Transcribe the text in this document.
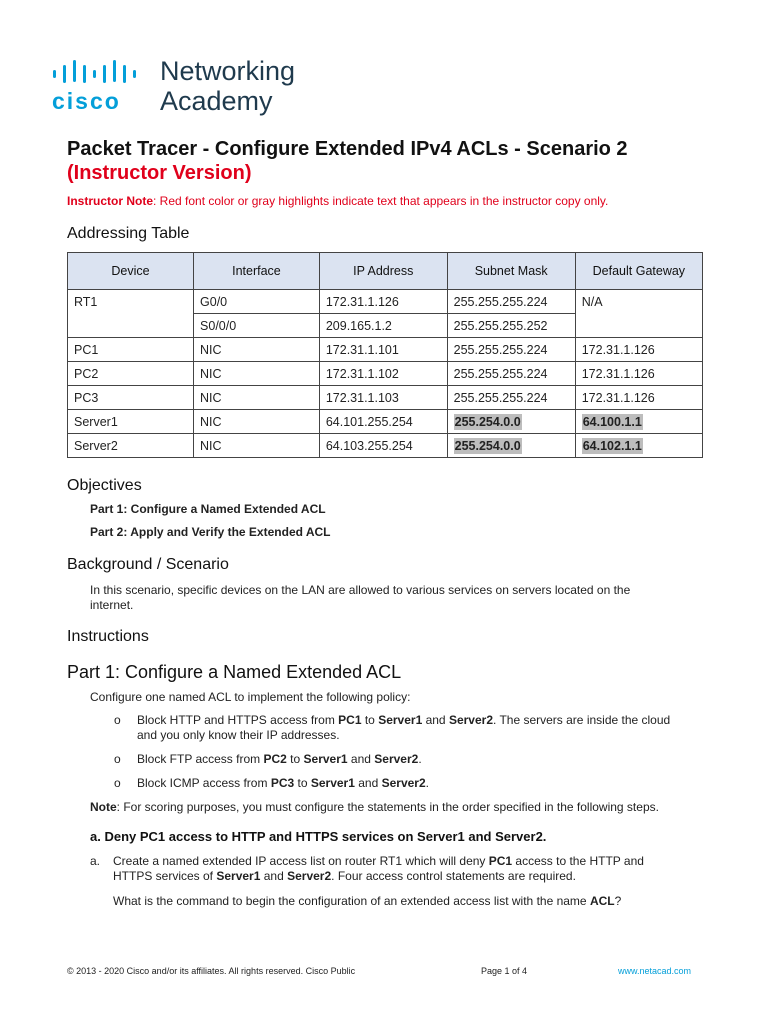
cisco
Networking
Academy
Packet Tracer - Configure Extended IPv4 ACLs - Scenario 2
(Instructor Version)
Instructor Note: Red font color or gray highlights indicate text that appears in the instructor copy only.
Addressing Table
Device	Interface	IP Address	Subnet Mask	Default Gateway
RT1	G0/0	172.31.1.126	255.255.255.224	N/A
	S0/0/0	209.165.1.2	255.255.255.252	
PC1	NIC	172.31.1.101	255.255.255.224	172.31.1.126
PC2	NIC	172.31.1.102	255.255.255.224	172.31.1.126
PC3	NIC	172.31.1.103	255.255.255.224	172.31.1.126
Server1	NIC	64.101.255.254	255.254.0.0	64.100.1.1
Server2	NIC	64.103.255.254	255.254.0.0	64.102.1.1
Objectives
Part 1: Configure a Named Extended ACL
Part 2: Apply and Verify the Extended ACL
Background / Scenario
In this scenario, specific devices on the LAN are allowed to various services on servers located on the
internet.
Instructions
Part 1: Configure a Named Extended ACL
Configure one named ACL to implement the following policy:
o Block HTTP and HTTPS access from PC1 to Server1 and Server2. The servers are inside the cloud
and you only know their IP addresses.
o Block FTP access from PC2 to Server1 and Server2.
o Block ICMP access from PC3 to Server1 and Server2.
Note: For scoring purposes, you must configure the statements in the order specified in the following steps.
a. Deny PC1 access to HTTP and HTTPS services on Server1 and Server2.
a. Create a named extended IP access list on router RT1 which will deny PC1 access to the HTTP and
HTTPS services of Server1 and Server2. Four access control statements are required.
What is the command to begin the configuration of an extended access list with the name ACL?
© 2013 - 2020 Cisco and/or its affiliates. All rights reserved. Cisco Public	Page 1 of 4	www.netacad.com
